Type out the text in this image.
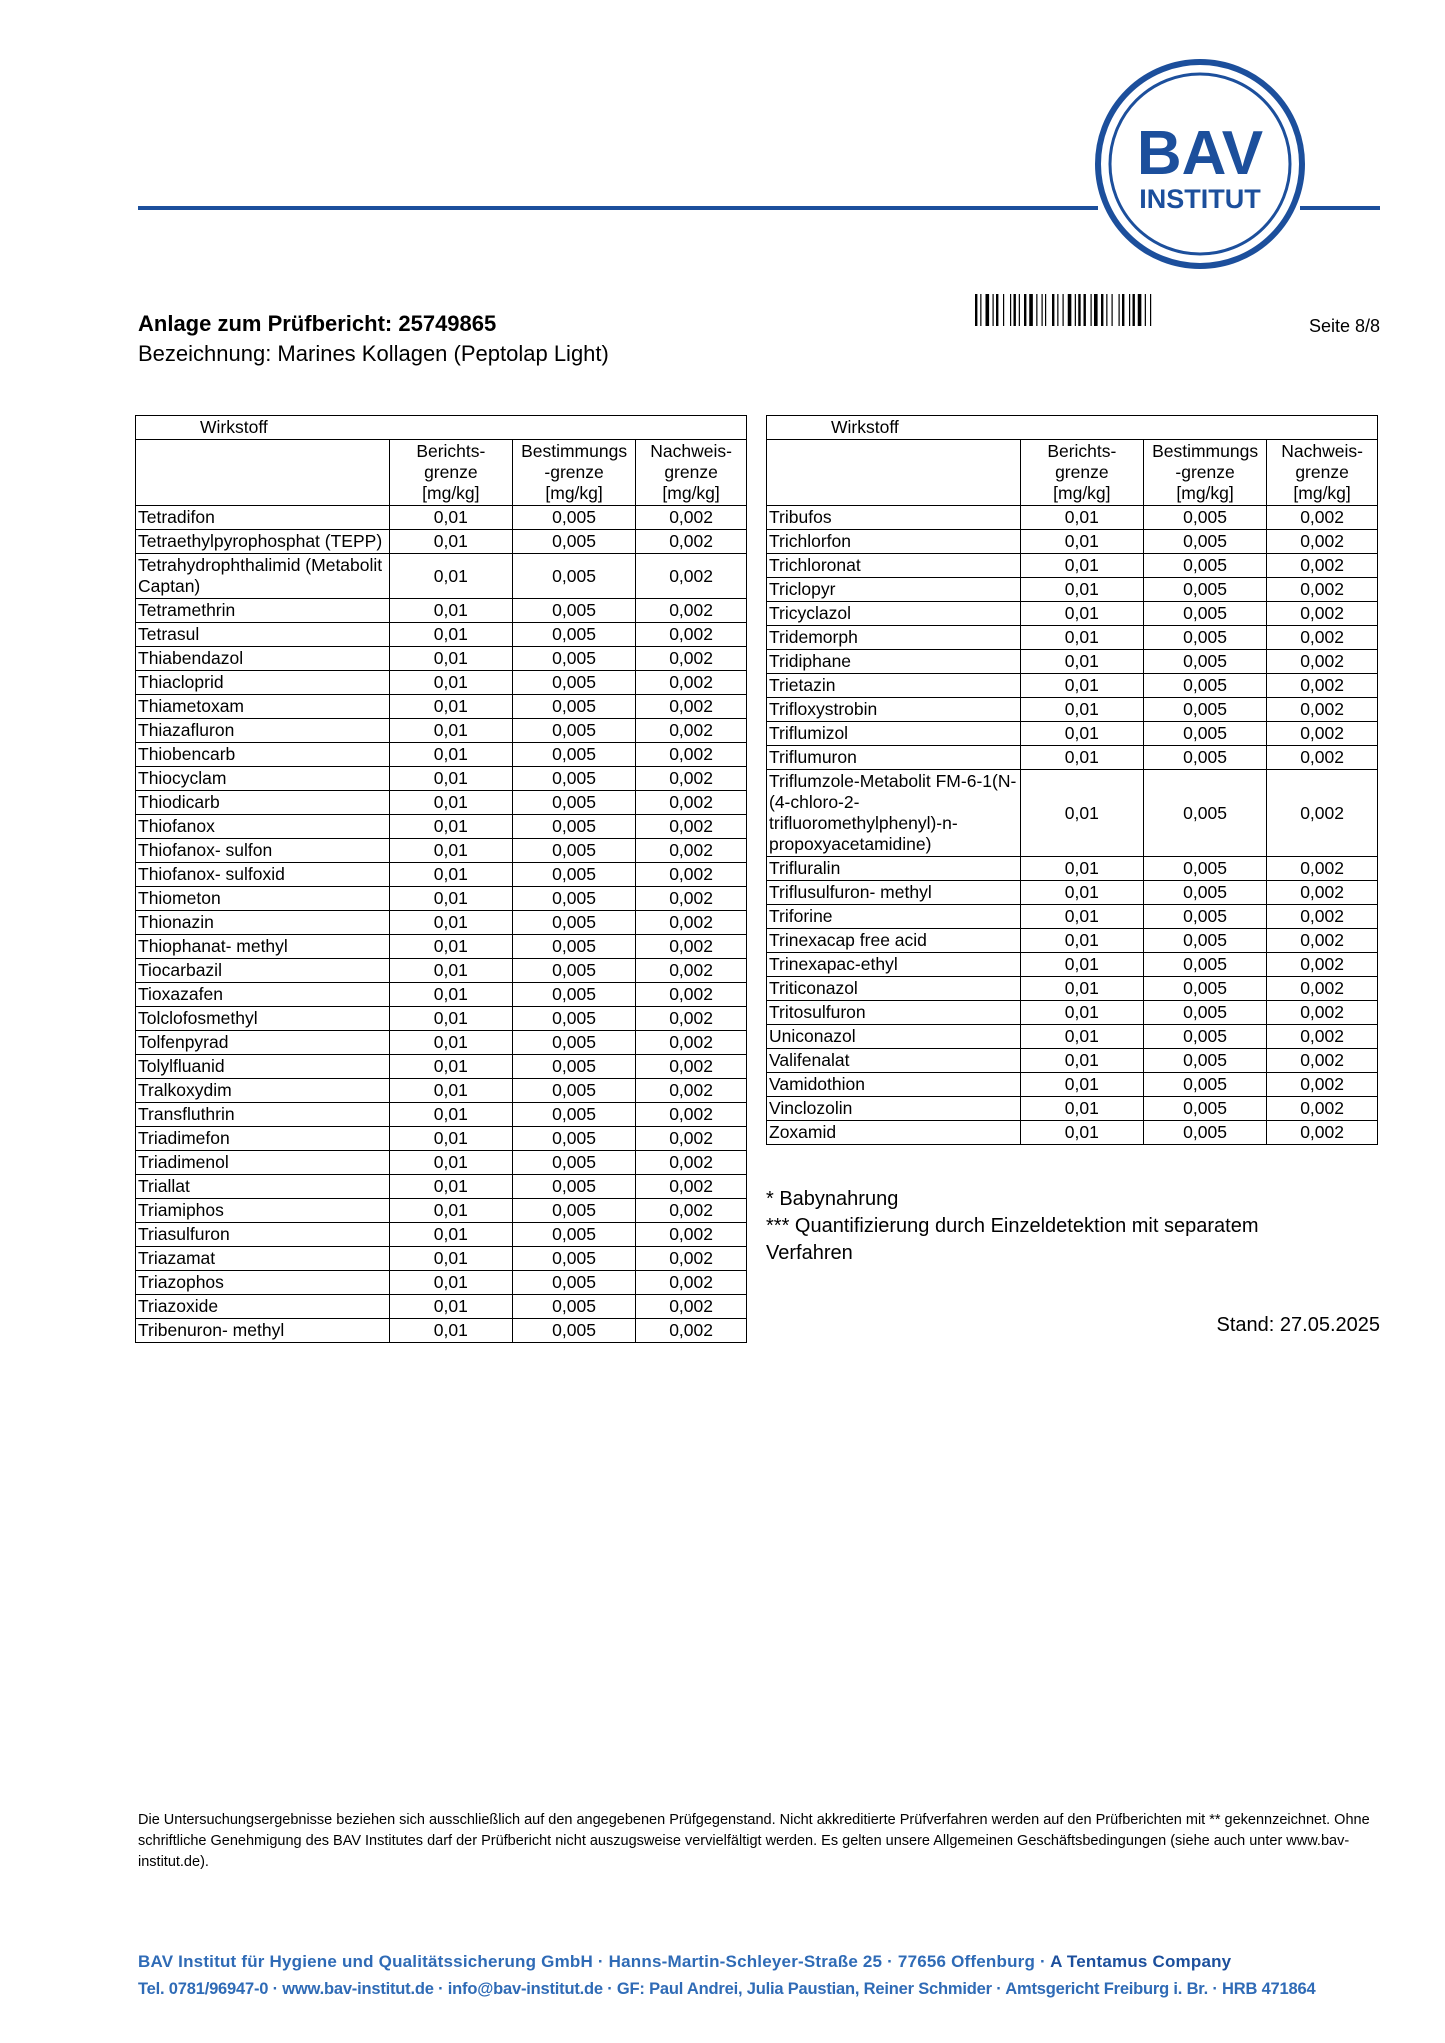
BAV
INSTITUT
Anlage zum Prüfbericht: 25749865
Bezeichnung: Marines Kollagen (Peptolap Light)
Seite 8/8
Wirkstoff			
	Berichts-
grenze
[mg/kg]	Bestimmungs
-grenze
[mg/kg]	Nachweis-
grenze
[mg/kg]
Tetradifon	0,01	0,005	0,002
Tetraethylpyrophosphat (TEPP)	0,01	0,005	0,002
Tetrahydrophthalimid (Metabolit Captan)	0,01	0,005	0,002
Tetramethrin	0,01	0,005	0,002
Tetrasul	0,01	0,005	0,002
Thiabendazol	0,01	0,005	0,002
Thiacloprid	0,01	0,005	0,002
Thiametoxam	0,01	0,005	0,002
Thiazafluron	0,01	0,005	0,002
Thiobencarb	0,01	0,005	0,002
Thiocyclam	0,01	0,005	0,002
Thiodicarb	0,01	0,005	0,002
Thiofanox	0,01	0,005	0,002
Thiofanox- sulfon	0,01	0,005	0,002
Thiofanox- sulfoxid	0,01	0,005	0,002
Thiometon	0,01	0,005	0,002
Thionazin	0,01	0,005	0,002
Thiophanat- methyl	0,01	0,005	0,002
Tiocarbazil	0,01	0,005	0,002
Tioxazafen	0,01	0,005	0,002
Tolclofosmethyl	0,01	0,005	0,002
Tolfenpyrad	0,01	0,005	0,002
Tolylfluanid	0,01	0,005	0,002
Tralkoxydim	0,01	0,005	0,002
Transfluthrin	0,01	0,005	0,002
Triadimefon	0,01	0,005	0,002
Triadimenol	0,01	0,005	0,002
Triallat	0,01	0,005	0,002
Triamiphos	0,01	0,005	0,002
Triasulfuron	0,01	0,005	0,002
Triazamat	0,01	0,005	0,002
Triazophos	0,01	0,005	0,002
Triazoxide	0,01	0,005	0,002
Tribenuron- methyl	0,01	0,005	0,002
Wirkstoff			
	Berichts-
grenze
[mg/kg]	Bestimmungs
-grenze
[mg/kg]	Nachweis-
grenze
[mg/kg]
Tribufos	0,01	0,005	0,002
Trichlorfon	0,01	0,005	0,002
Trichloronat	0,01	0,005	0,002
Triclopyr	0,01	0,005	0,002
Tricyclazol	0,01	0,005	0,002
Tridemorph	0,01	0,005	0,002
Tridiphane	0,01	0,005	0,002
Trietazin	0,01	0,005	0,002
Trifloxystrobin	0,01	0,005	0,002
Triflumizol	0,01	0,005	0,002
Triflumuron	0,01	0,005	0,002
Triflumzole-Metabolit FM-6-1(N-(4-chloro-2-trifluoromethylphenyl)-n-propoxyacetamidine)	0,01	0,005	0,002
Trifluralin	0,01	0,005	0,002
Triflusulfuron- methyl	0,01	0,005	0,002
Triforine	0,01	0,005	0,002
Trinexacap free acid	0,01	0,005	0,002
Trinexapac-ethyl	0,01	0,005	0,002
Triticonazol	0,01	0,005	0,002
Tritosulfuron	0,01	0,005	0,002
Uniconazol	0,01	0,005	0,002
Valifenalat	0,01	0,005	0,002
Vamidothion	0,01	0,005	0,002
Vinclozolin	0,01	0,005	0,002
Zoxamid	0,01	0,005	0,002
* Babynahrung
*** Quantifizierung durch Einzeldetektion mit separatem Verfahren
Stand: 27.05.2025
Die Untersuchungsergebnisse beziehen sich ausschließlich auf den angegebenen Prüfgegenstand. Nicht akkreditierte Prüfverfahren werden auf den Prüfberichten mit ** gekennzeichnet. Ohne schriftliche Genehmigung des BAV Institutes darf der Prüfbericht nicht auszugsweise vervielfältigt werden. Es gelten unsere Allgemeinen Geschäftsbedingungen (siehe auch unter www.bav-institut.de).
BAV Institut für Hygiene und Qualitätssicherung GmbH · Hanns-Martin-Schleyer-Straße 25 · 77656 Offenburg · A Tentamus Company
Tel. 0781/96947-0 · www.bav-institut.de · info@bav-institut.de · GF: Paul Andrei, Julia Paustian, Reiner Schmider · Amtsgericht Freiburg i. Br. · HRB 471864
